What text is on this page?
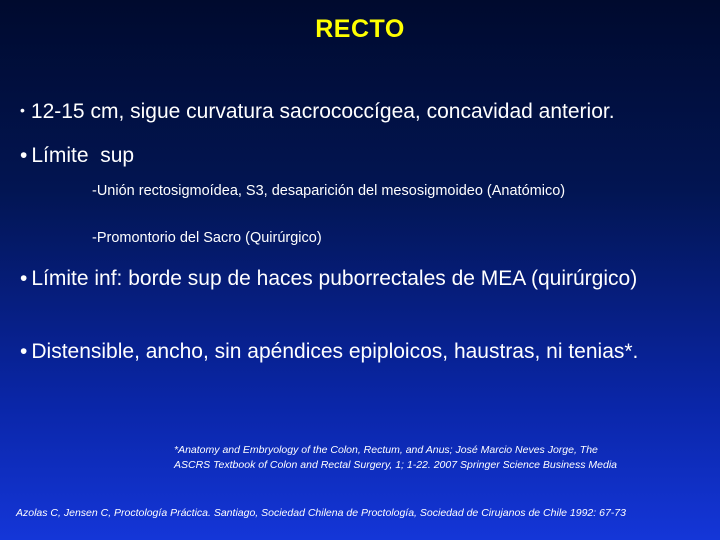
RECTO
• 12-15 cm, sigue curvatura sacrococcígea, concavidad anterior.
• Límite  sup
-Unión rectosigmoídea, S3, desaparición del mesosigmoideo (Anatómico)
-Promontorio del Sacro (Quirúrgico)
• Límite inf: borde sup de haces puborrectales de MEA (quirúrgico)
• Distensible, ancho, sin apéndices epiploicos, haustras, ni tenias*.
*Anatomy and Embryology of the Colon, Rectum, and Anus; José Marcio Neves Jorge, The
ASCRS Textbook of Colon and Rectal Surgery, 1; 1-22. 2007 Springer Science Business Media
Azolas C, Jensen C, Proctología Práctica. Santiago, Sociedad Chilena de Proctología, Sociedad de Cirujanos de Chile 1992: 67-73
